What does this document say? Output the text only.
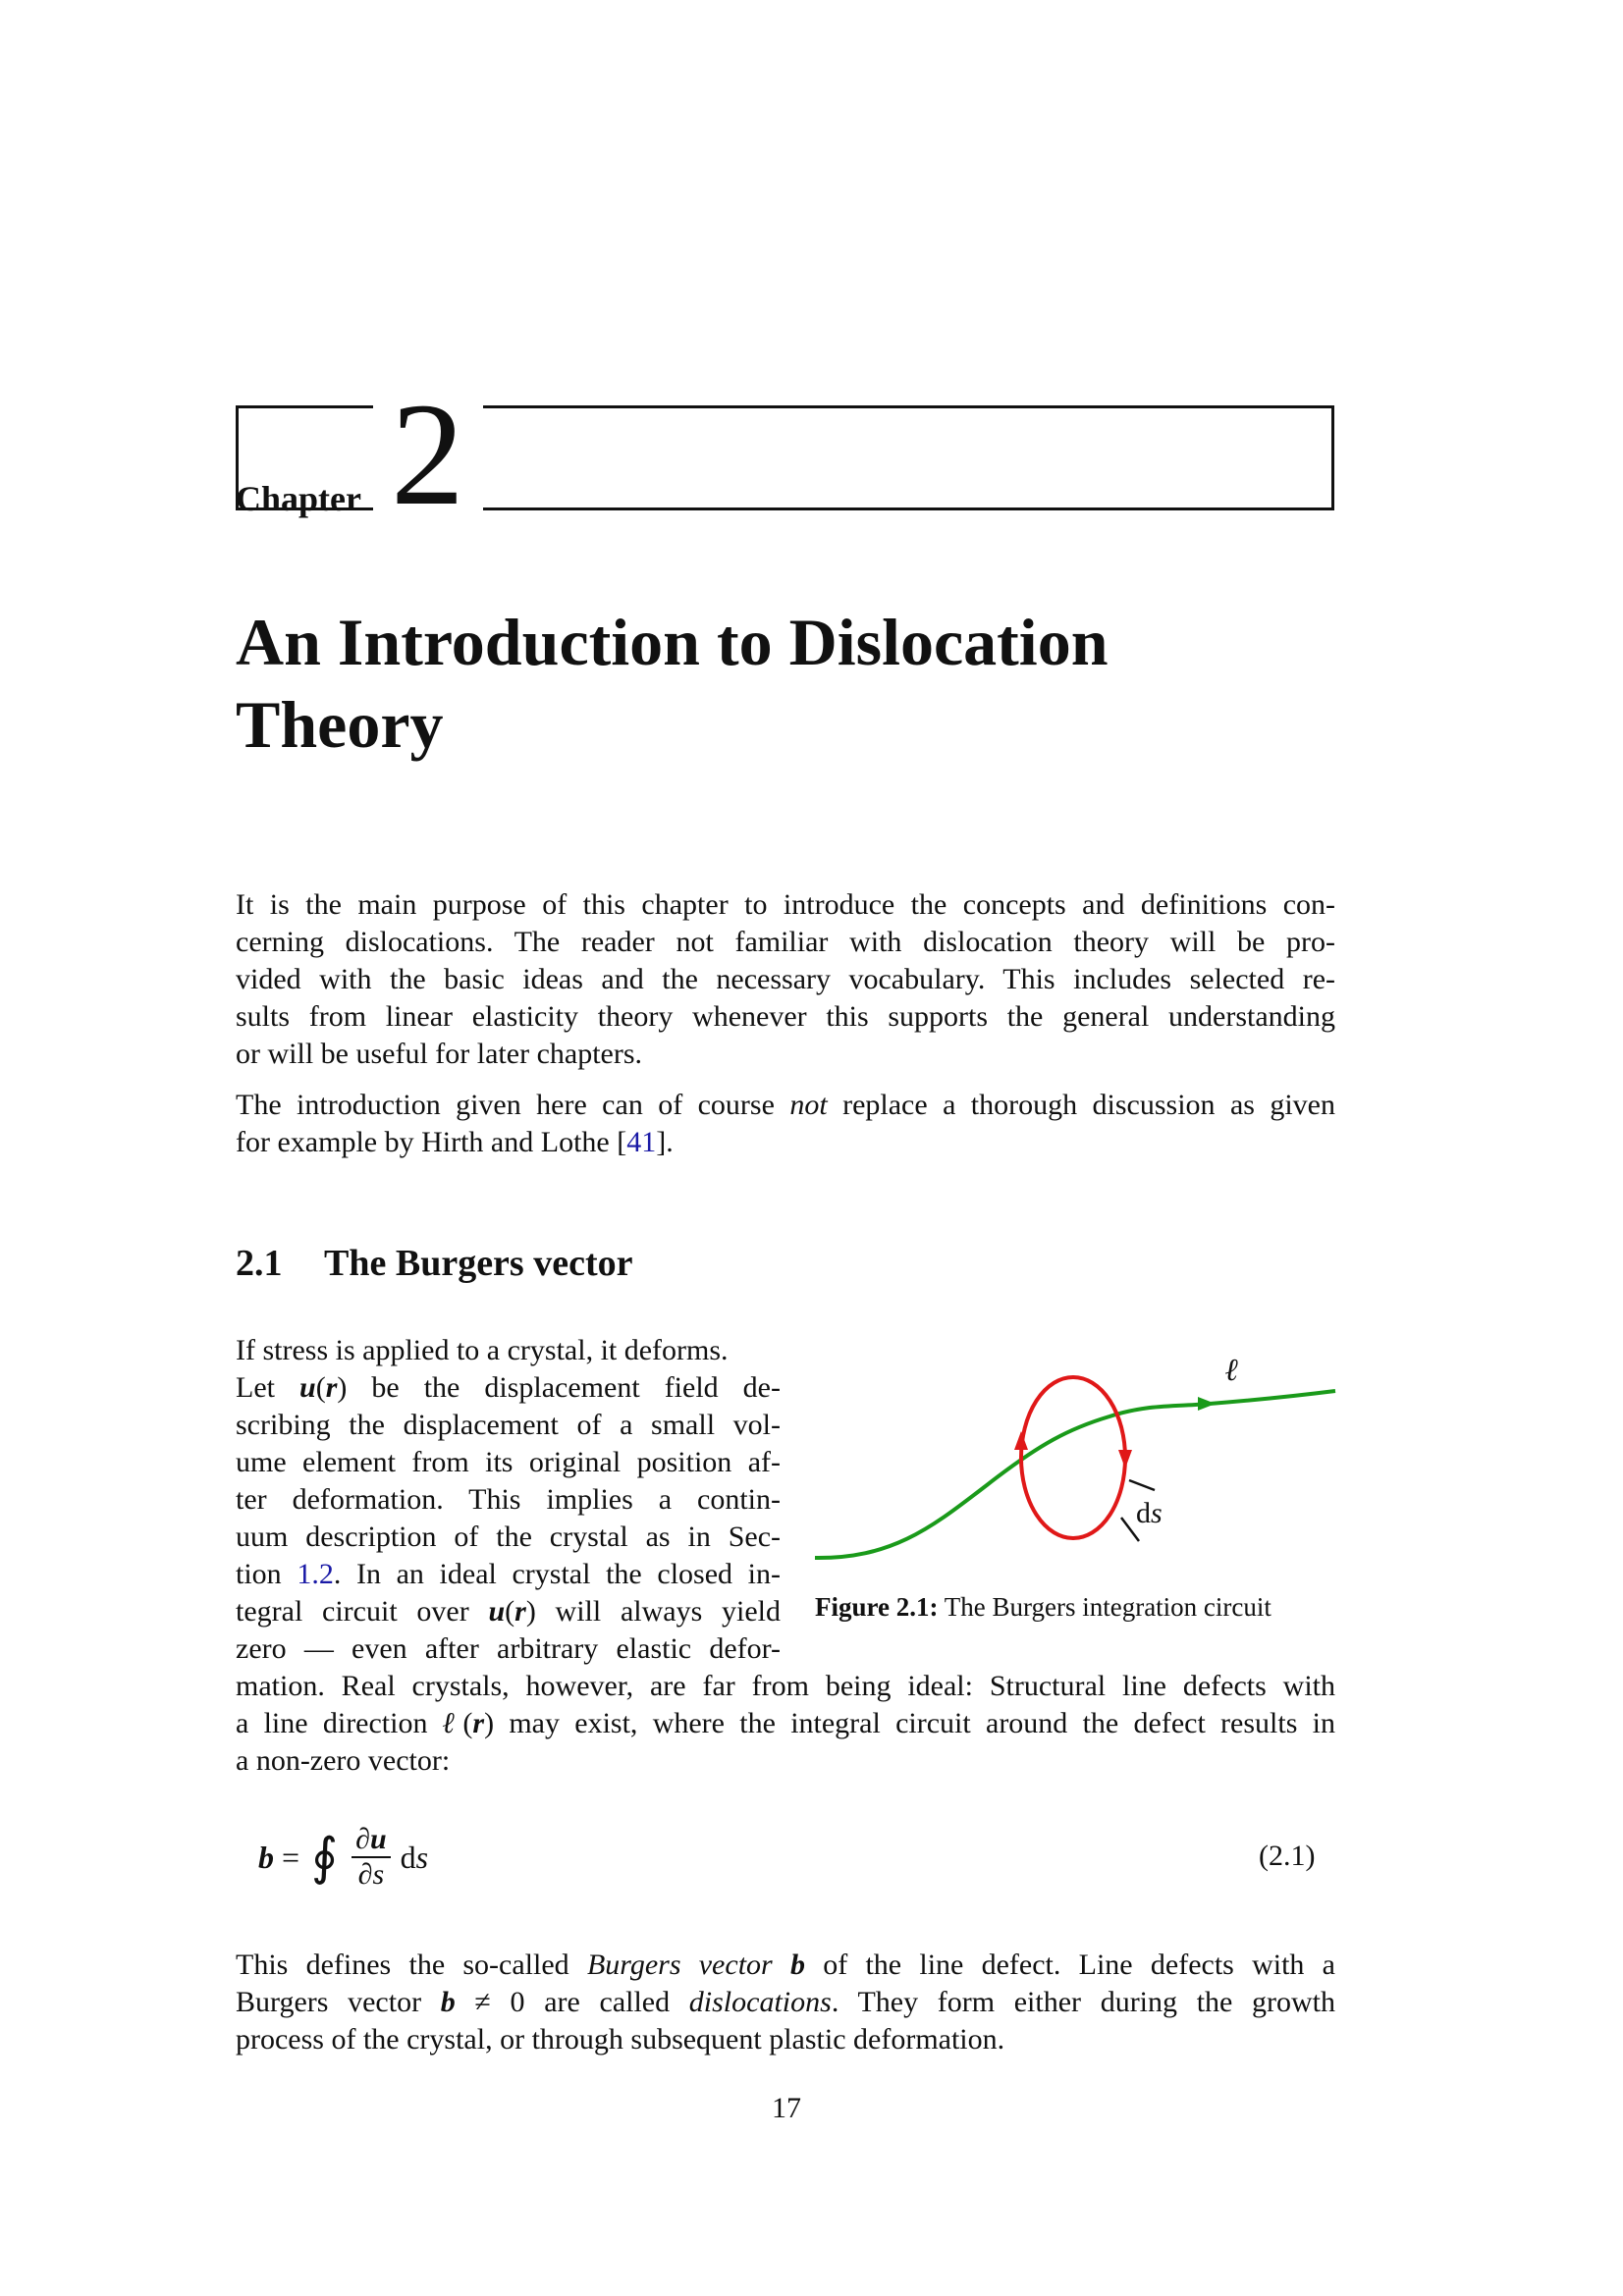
Chapter 2
An Introduction to Dislocation
Theory
It is the main purpose of this chapter to introduce the concepts and definitions con-
cerning dislocations. The reader not familiar with dislocation theory will be pro-
vided with the basic ideas and the necessary vocabulary. This includes selected re-
sults from linear elasticity theory whenever this supports the general understanding
or will be useful for later chapters.
The introduction given here can of course not replace a thorough discussion as given
for example by Hirth and Lothe [41].
2.1 The Burgers vector
If stress is applied to a crystal, it deforms.
Let u(r) be the displacement field de-
scribing the displacement of a small vol-
ume element from its original position af-
ter deformation. This implies a contin-
uum description of the crystal as in Sec-
tion 1.2. In an ideal crystal the closed in-
tegral circuit over u(r) will always yield
zero — even after arbitrary elastic defor-
mation. Real crystals, however, are far from being ideal: Structural line defects with
a line direction ℓ(r) may exist, where the integral circuit around the defect results in
a non-zero vector:
ds
ℓ
Figure 2.1: The Burgers integration circuit
b = ∮ $\frac{\partial u}{\partial s}$ d s	(2.1)
This defines the so-called Burgers vector b of the line defect. Line defects with a
Burgers vector b ≠ 0 are called dislocations. They form either during the growth
process of the crystal, or through subsequent plastic deformation.
17
